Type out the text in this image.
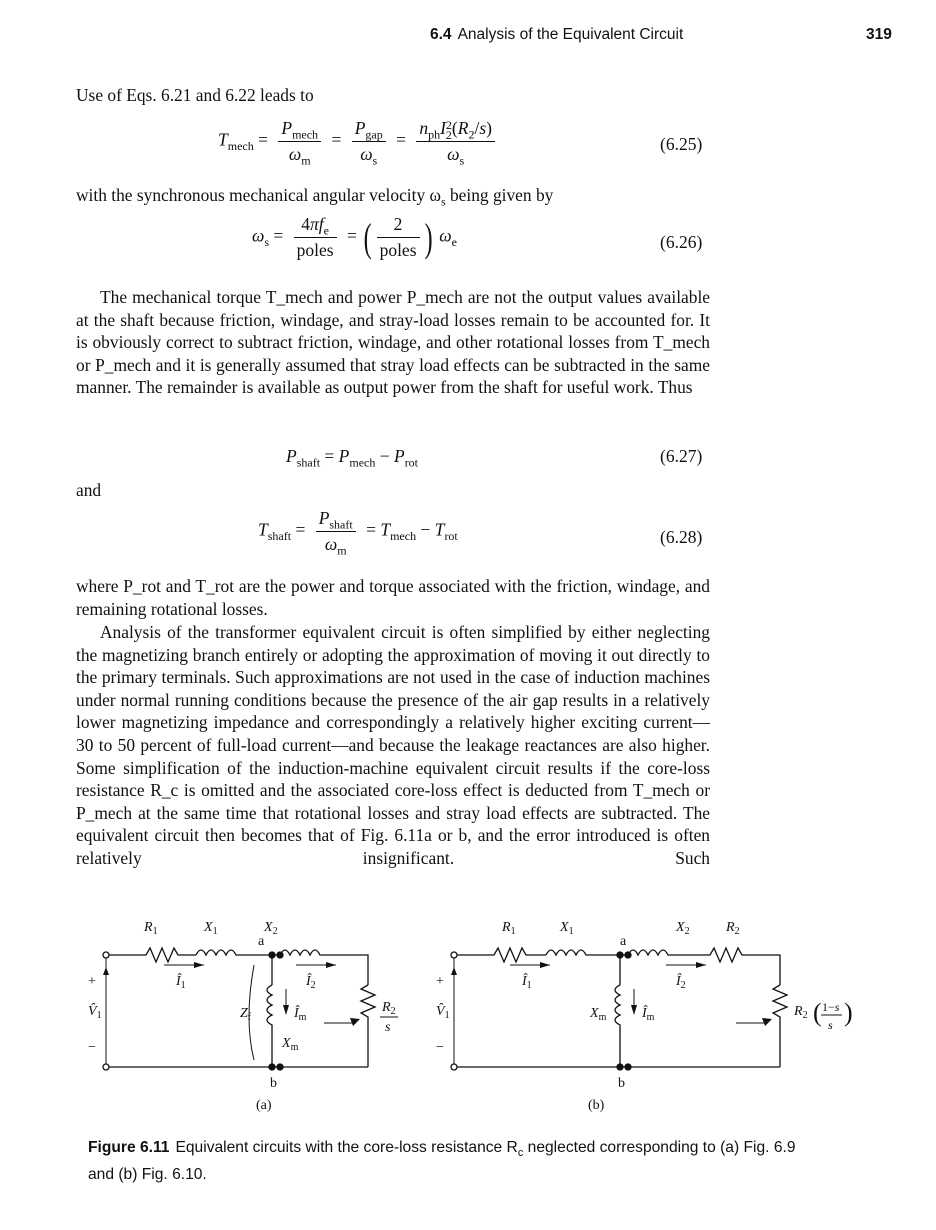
6.4 Analysis of the Equivalent Circuit	319

Use of Eqs. 6.21 and 6.22 leads to

$T_{mech} = \frac{P_{mech}}{\omega_m} = \frac{P_{gap}}{\omega_s} = \frac{n_{ph}I_{22}(R_2/s)}{\omega_s}$	(6.25)

with the synchronous mechanical angular velocity $\omega_s$ being given by

$\omega_s = \frac{4\pi f_e}{\text{poles}}$ = ( $\frac{2}{\text{poles}}$ ) $\omega_e$	(6.26)

The mechanical torque T_mech and power P_mech are not the output values available at the shaft because friction, windage, and stray-load losses remain to be accounted for. It is obviously correct to subtract friction, windage, and other rotational losses from T_mech or P_mech and it is generally assumed that stray load effects can be subtracted in the same manner. The remainder is available as output power from the shaft for useful work. Thus

$P_{shaft} = P_{mech} - P_{rot}$	(6.27)

and

$T_{shaft} = \frac{P_{shaft}}{\omega_m} = T_{mech} - T_{rot}$	(6.28)

where P_rot and T_rot are the power and torque associated with the friction, windage, and remaining rotational losses.

Analysis of the transformer equivalent circuit is often simplified by either neglecting the magnetizing branch entirely or adopting the approximation of moving it out directly to the primary terminals. Such approximations are not used in the case of induction machines under normal running conditions because the presence of the air gap results in a relatively lower magnetizing impedance and correspondingly a relatively higher exciting current—30 to 50 percent of full-load current—and because the leakage reactances are also higher. Some simplification of the induction-machine equivalent circuit results if the core-loss resistance R_c is omitted and the associated core-loss effect is deducted from T_mech or P_mech at the same time that rotational losses and stray load effects are subtracted. The equivalent circuit then becomes that of Fig. 6.11a or b, and the error introduced is often relatively insignificant. Such

$R_1$	$X_1$	$X_2$
a
b
+
−
$V̂_1$
$Î_1$	$Î_2$
$Z_f$	$Î_m$
$X_m$
$R_2$
s
$R_1$	$X_1$	$X_2$	$R_2$
a
b
+
−
$V̂_1$
$Î_1$	$Î_2$
$X_m$	$Î_m$	$R_2$ ( 1−s
s )
(a)	(b)
Figure 6.11 Equivalent circuits with the core-loss resistance $R_c$ neglected corresponding to (a) Fig. 6.9 and (b) Fig. 6.10.
